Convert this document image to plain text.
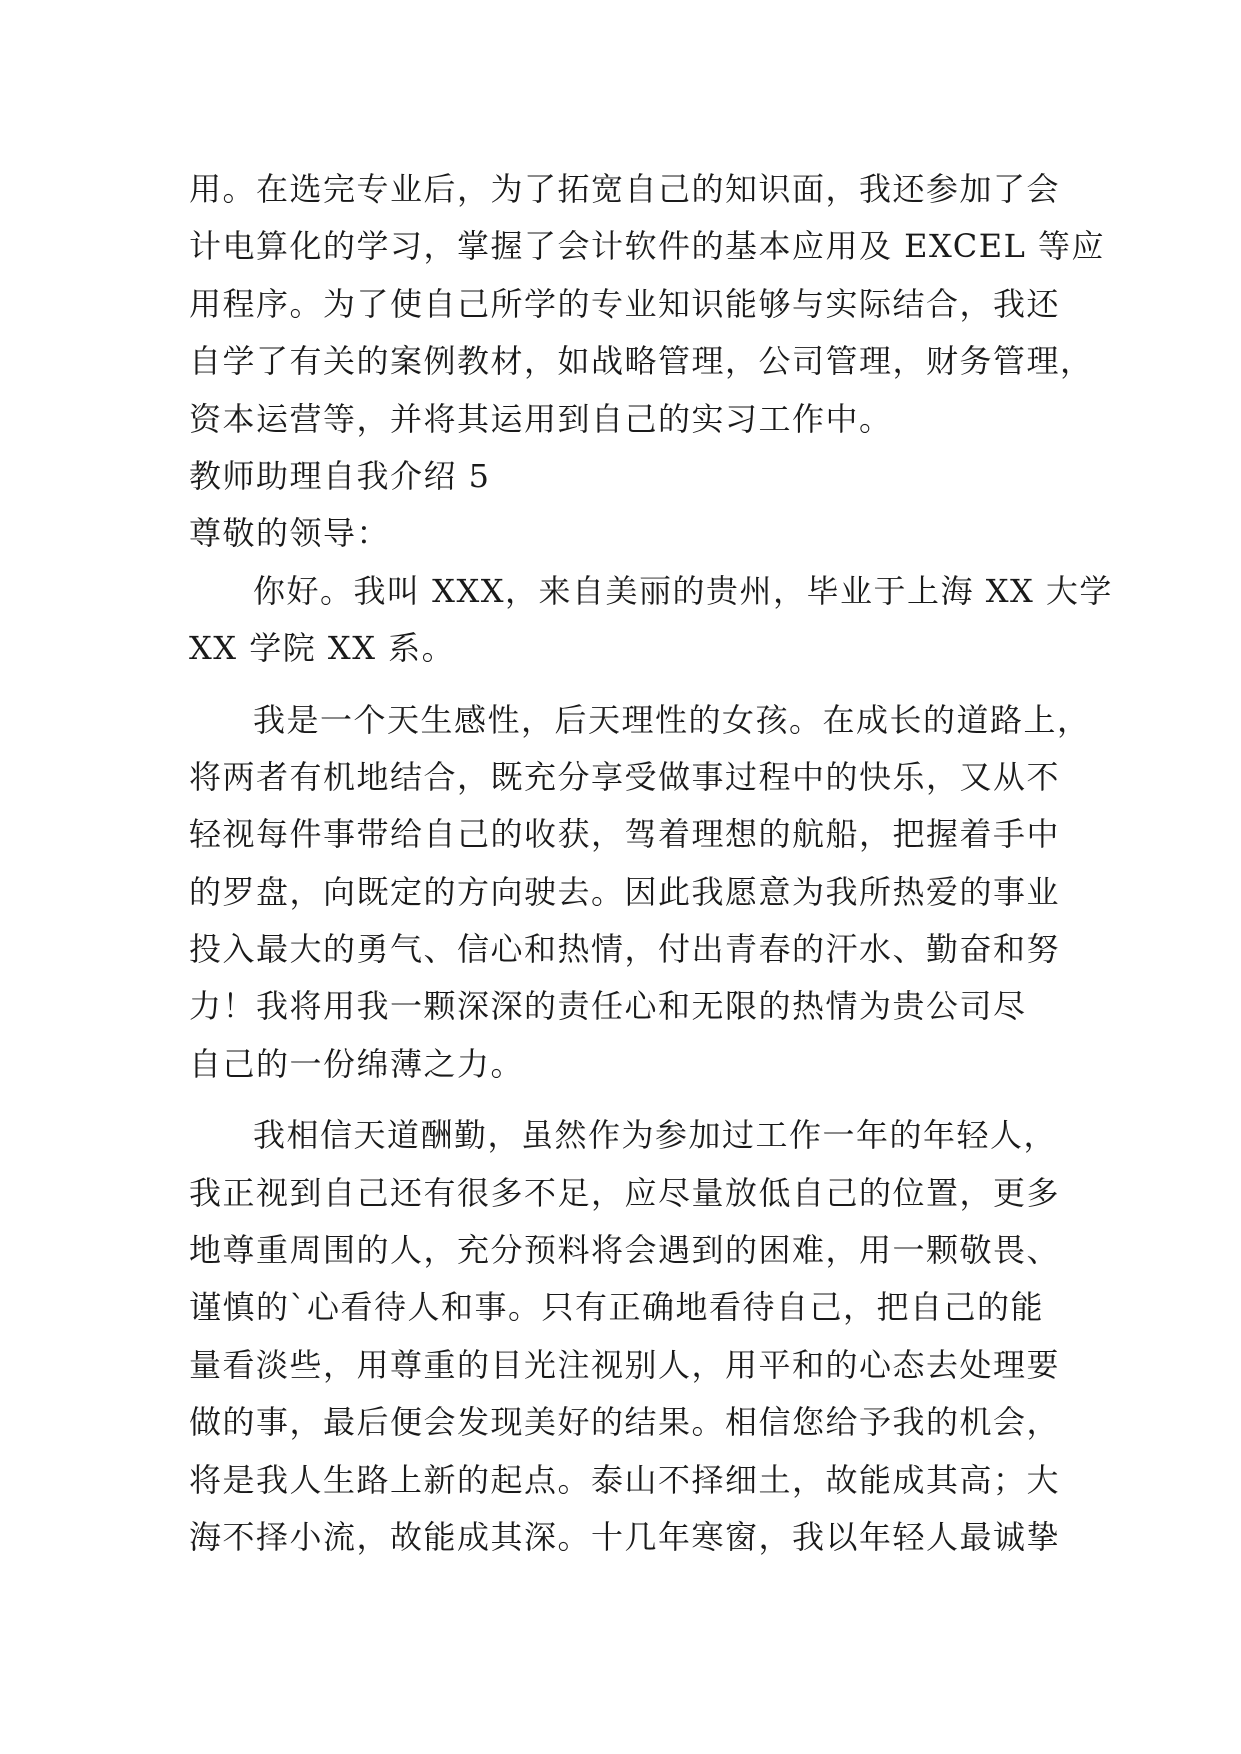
用。在选完专业后，为了拓宽自己的知识面，我还参加了会
计电算化的学习，掌握了会计软件的基本应用及 EXCEL 等应
用程序。为了使自己所学的专业知识能够与实际结合，我还
自学了有关的案例教材，如战略管理，公司管理，财务管理，
资本运营等，并将其运用到自己的实习工作中。
教师助理自我介绍 5
尊敬的领导：
你好。我叫 XXX，来自美丽的贵州，毕业于上海 XX 大学
XX 学院 XX 系。
我是一个天生感性，后天理性的女孩。在成长的道路上，
将两者有机地结合，既充分享受做事过程中的快乐，又从不
轻视每件事带给自己的收获，驾着理想的航船，把握着手中
的罗盘，向既定的方向驶去。因此我愿意为我所热爱的事业
投入最大的勇气、信心和热情，付出青春的汗水、勤奋和努
力！我将用我一颗深深的责任心和无限的热情为贵公司尽
自己的一份绵薄之力。
我相信天道酬勤，虽然作为参加过工作一年的年轻人，
我正视到自己还有很多不足，应尽量放低自己的位置，更多
地尊重周围的人，充分预料将会遇到的困难，用一颗敬畏、
谨慎的`心看待人和事。只有正确地看待自己，把自己的能
量看淡些，用尊重的目光注视别人，用平和的心态去处理要
做的事，最后便会发现美好的结果。相信您给予我的机会，
将是我人生路上新的起点。泰山不择细土，故能成其高；大
海不择小流，故能成其深。十几年寒窗，我以年轻人最诚挚
